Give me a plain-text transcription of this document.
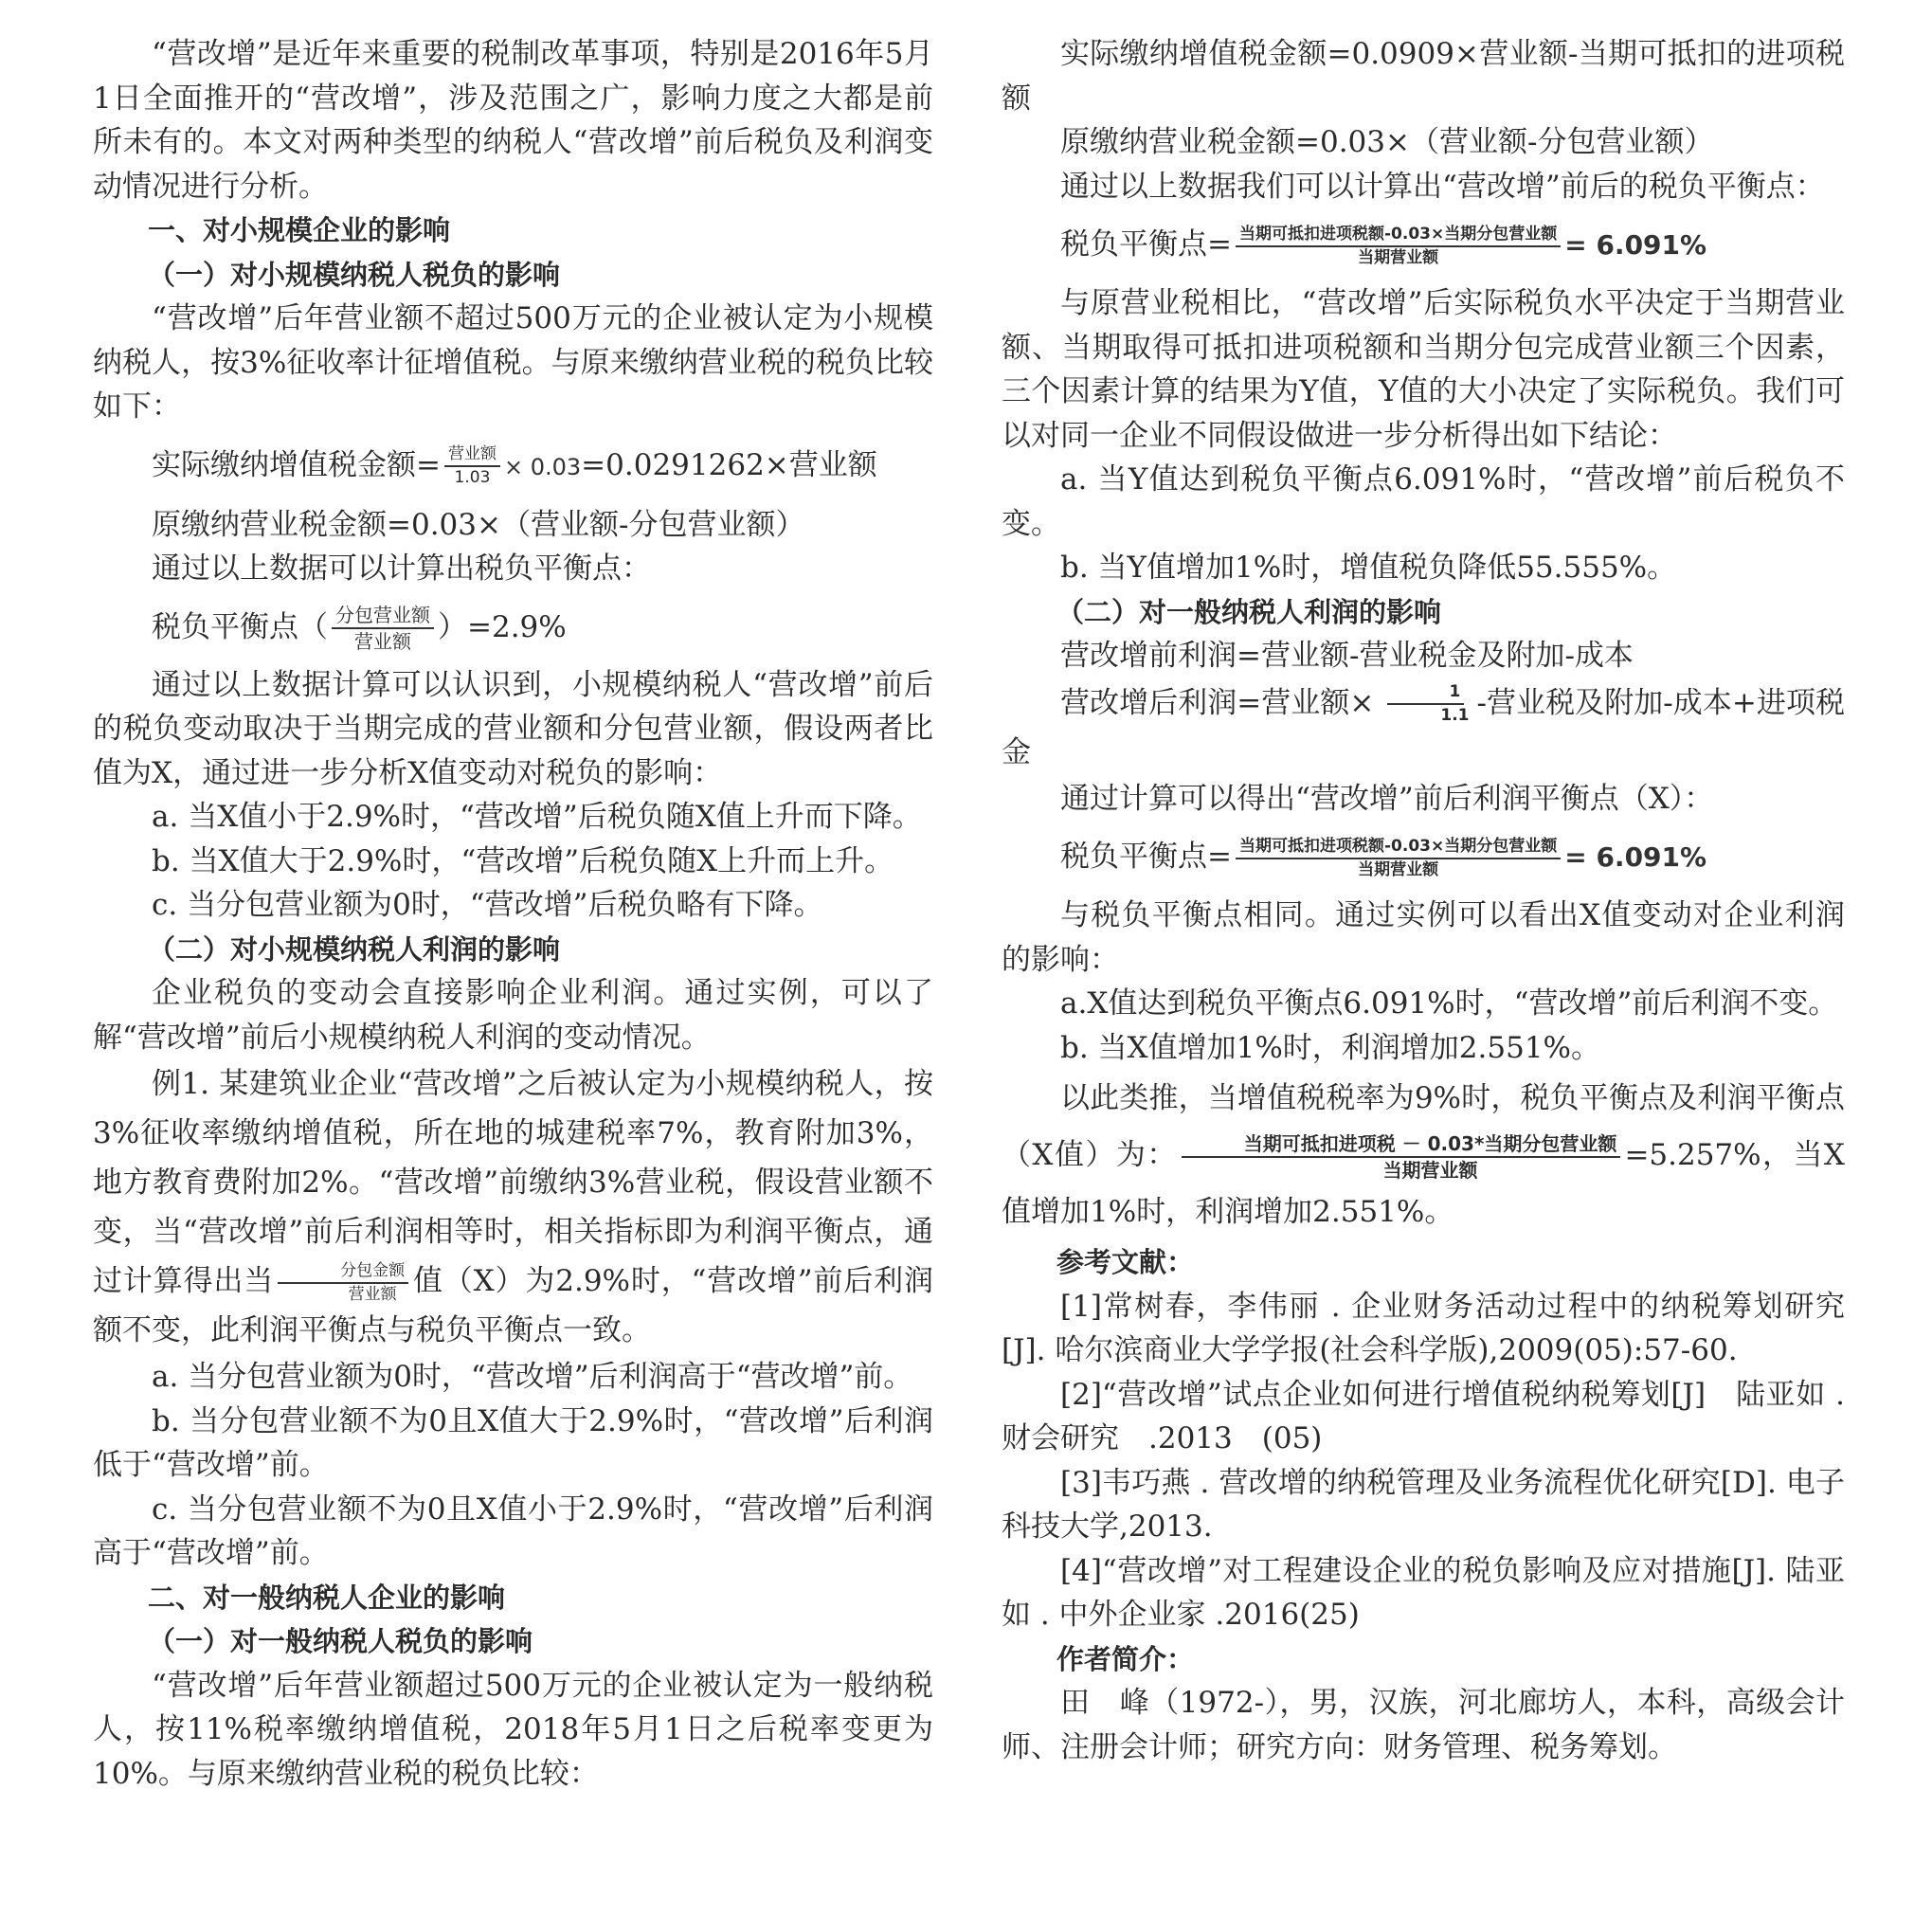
“营改增”是近年来重要的税制改革事项，特别是2016年5月1日全面推开的“营改增”，涉及范围之广，影响力度之大都是前所未有的。本文对两种类型的纳税人“营改增”前后税负及利润变动情况进行分析。

一、对小规模企业的影响

（一）对小规模纳税人税负的影响

“营改增”后年营业额不超过500万元的企业被认定为小规模纳税人，按3%征收率计征增值税。与原来缴纳营业税的税负比较如下：

实际缴纳增值税金额= $\frac{\text{营业额}}{1.03} \times 0.03=0.0291262\times$营业额

原缴纳营业税金额=0.03×（营业额-分包营业额）

通过以上数据可以计算出税负平衡点：

税负平衡点（ $\frac{\text{分包营业额}}{\text{营业额}} )=2.9\%$

通过以上数据计算可以认识到，小规模纳税人“营改增”前后的税负变动取决于当期完成的营业额和分包营业额，假设两者比值为X，通过进一步分析X值变动对税负的影响：

a. 当X值小于2.9%时，“营改增”后税负随X值上升而下降。

b. 当X值大于2.9%时，“营改增”后税负随X上升而上升。

c. 当分包营业额为0时，“营改增”后税负略有下降。

（二）对小规模纳税人利润的影响

企业税负的变动会直接影响企业利润。通过实例，可以了解“营改增”前后小规模纳税人利润的变动情况。

例1. 某建筑业企业“营改增”之后被认定为小规模纳税人，按3%征收率缴纳增值税，所在地的城建税率7%，教育附加3%，地方教育费附加2%。“营改增”前缴纳3%营业税，假设营业额不变，当“营改增”前后利润相等时，相关指标即为利润平衡点，通过计算得出当 $\frac{\text{分包金额}}{\text{营业额}}$ 值（X）为2.9%时，“营改增”前后利润额不变，此利润平衡点与税负平衡点一致。

a. 当分包营业额为0时，“营改增”后利润高于“营改增”前。

b. 当分包营业额不为0且X值大于2.9%时，“营改增”后利润低于“营改增”前。

c. 当分包营业额不为0且X值小于2.9%时，“营改增”后利润高于“营改增”前。

二、对一般纳税人企业的影响

（一）对一般纳税人税负的影响

“营改增”后年营业额超过500万元的企业被认定为一般纳税人，按11%税率缴纳增值税，2018年5月1日之后税率变更为10%。与原来缴纳营业税的税负比较：

实际缴纳增值税金额=0.0909×营业额-当期可抵扣的进项税额

原缴纳营业税金额=0.03×（营业额-分包营业额）

通过以上数据我们可以计算出“营改增”前后的税负平衡点：

税负平衡点= $\frac{\text{当期可抵扣进项税额-0.03×当期分包营业额}}{\text{当期营业额}} = 6.091\%$

与原营业税相比，“营改增”后实际税负水平决定于当期营业额、当期取得可抵扣进项税额和当期分包完成营业额三个因素，三个因素计算的结果为Y值，Y值的大小决定了实际税负。我们可以对同一企业不同假设做进一步分析得出如下结论：

a. 当Y值达到税负平衡点6.091%时，“营改增”前后税负不变。

b. 当Y值增加1%时，增值税负降低55.555%。

（二）对一般纳税人利润的影响

营改增前利润=营业额-营业税金及附加-成本

营改增后利润=营业额× $\frac{1}{1.1}$ -营业税及附加-成本+进项税金

通过计算可以得出“营改增”前后利润平衡点（X）：

税负平衡点= $\frac{\text{当期可抵扣进项税额-0.03×当期分包营业额}}{\text{当期营业额}} = 6.091\%$

与税负平衡点相同。通过实例可以看出X值变动对企业利润的影响：

a.X值达到税负平衡点6.091%时，“营改增”前后利润不变。

b. 当X值增加1%时，利润增加2.551%。

以此类推，当增值税税率为9%时，税负平衡点及利润平衡点（X值）为： $\frac{\text{当期可抵扣进项税 － 0.03*当期分包营业额}}{\text{当期营业额}} =5.257\%$，当X值增加1%时，利润增加2.551%。

参考文献：

[1]常树春，李伟丽 . 企业财务活动过程中的纳税筹划研究[J]. 哈尔滨商业大学学报(社会科学版),2009(05):57-60.

[2]“营改增”试点企业如何进行增值税纳税筹划[J]　陆亚如 . 财会研究　.2013　(05)

[3]韦巧燕 . 营改增的纳税管理及业务流程优化研究[D]. 电子科技大学,2013.

[4]“营改增”对工程建设企业的税负影响及应对措施[J]. 陆亚如 . 中外企业家 .2016(25)

作者简介：

田　峰（1972-），男，汉族，河北廊坊人，本科，高级会计师、注册会计师；研究方向：财务管理、税务筹划。
